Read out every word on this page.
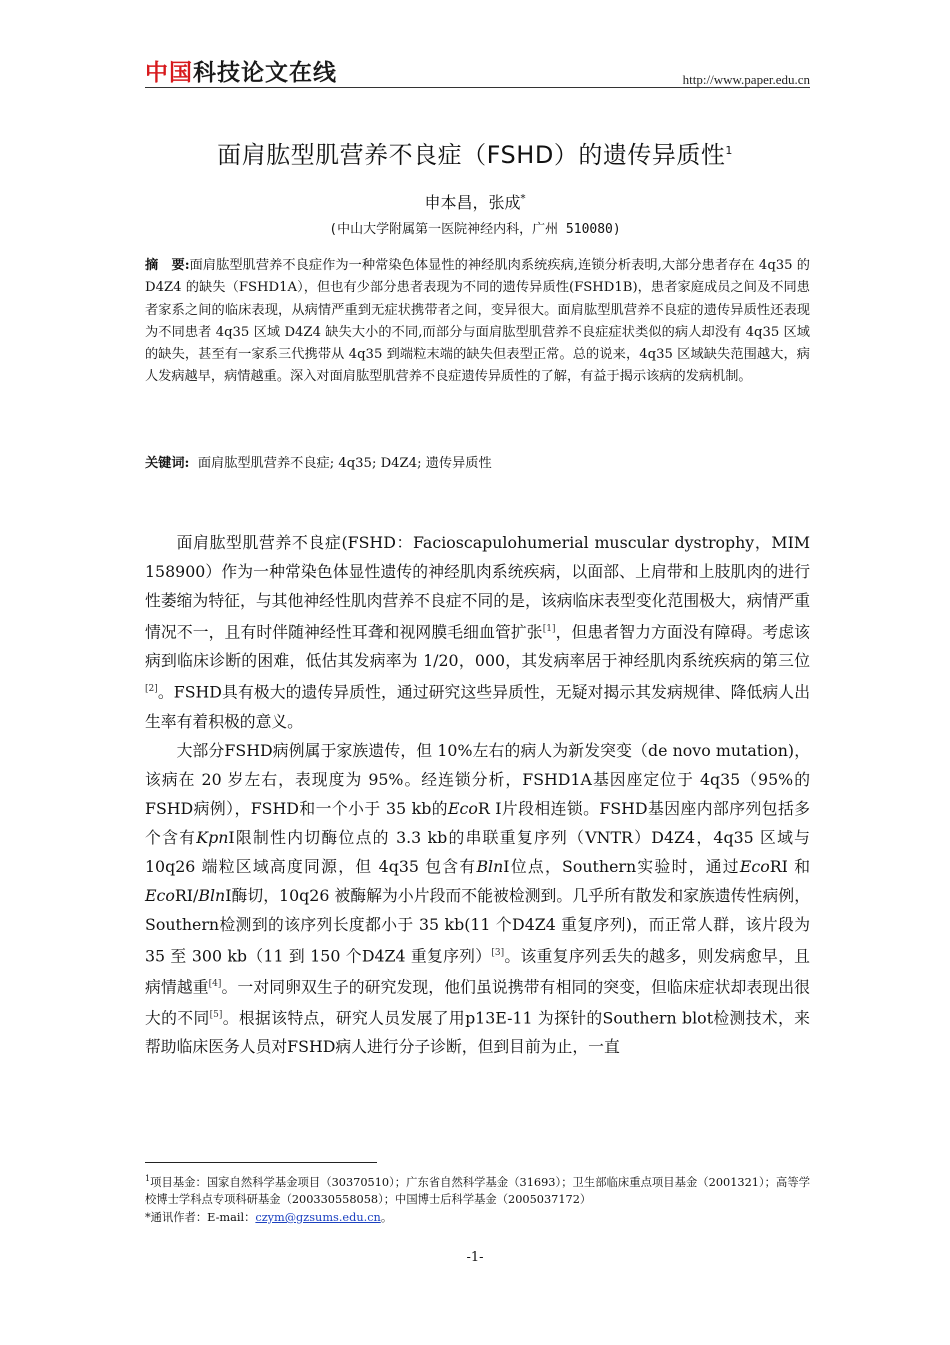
中国科技论文在线	http://www.paper.edu.cn
面肩肱型肌营养不良症（FSHD）的遗传异质性$^1$
申本昌，张成*
(中山大学附属第一医院神经内科，广州 510080)
摘　要:面肩肱型肌营养不良症作为一种常染色体显性的神经肌肉系统疾病,连锁分析表明,大部分患者存在 4q35 的 D4Z4 的缺失（FSHD1A），但也有少部分患者表现为不同的遗传异质性(FSHD1B)，患者家庭成员之间及不同患者家系之间的临床表现，从病情严重到无症状携带者之间，变异很大。面肩肱型肌营养不良症的遗传异质性还表现为不同患者 4q35 区域 D4Z4 缺失大小的不同,而部分与面肩肱型肌营养不良症症状类似的病人却没有 4q35 区域的缺失，甚至有一家系三代携带从 4q35 到端粒末端的缺失但表型正常。总的说来，4q35 区域缺失范围越大，病人发病越早，病情越重。深入对面肩肱型肌营养不良症遗传异质性的了解，有益于揭示该病的发病机制。
关键词: 面肩肱型肌营养不良症; 4q35; D4Z4; 遗传异质性

面肩肱型肌营养不良症(FSHD：Facioscapulohumerial muscular dystrophy，MIM 158900）作为一种常染色体显性遗传的神经肌肉系统疾病，以面部、上肩带和上肢肌肉的进行性萎缩为特征，与其他神经性肌肉营养不良症不同的是，该病临床表型变化范围极大，病情严重情况不一，且有时伴随神经性耳聋和视网膜毛细血管扩张[1]，但患者智力方面没有障碍。考虑该病到临床诊断的困难，低估其发病率为 1/20，000，其发病率居于神经肌肉系统疾病的第三位[2]。FSHD具有极大的遗传异质性，通过研究这些异质性，无疑对揭示其发病规律、降低病人出生率有着积极的意义。

大部分FSHD病例属于家族遗传，但 10%左右的病人为新发突变（de novo mutation)，该病在 20 岁左右，表现度为 95%。经连锁分析，FSHD1A基因座定位于 4q35（95%的FSHD病例），FSHD和一个小于 35 kb的EcoR I片段相连锁。FSHD基因座内部序列包括多个含有KpnI限制性内切酶位点的 3.3 kb的串联重复序列（VNTR）D4Z4，4q35 区域与 10q26 端粒区域高度同源，但 4q35 包含有BlnI位点，Southern实验时，通过EcoRI 和EcoRI/BlnI酶切，10q26 被酶解为小片段而不能被检测到。几乎所有散发和家族遗传性病例，Southern检测到的该序列长度都小于 35 kb(11 个D4Z4 重复序列)，而正常人群，该片段为 35 至 300 kb（11 到 150 个D4Z4 重复序列）[3]。该重复序列丢失的越多，则发病愈早，且病情越重[4]。一对同卵双生子的研究发现，他们虽说携带有相同的突变，但临床症状却表现出很大的不同[5]。根据该特点，研究人员发展了用p13E-11 为探针的Southern blot检测技术，来帮助临床医务人员对FSHD病人进行分子诊断，但到目前为止，一直

$^1$项目基金：国家自然科学基金项目（30370510）；广东省自然科学基金（31693）；卫生部临床重点项目基金（2001321）；高等学校博士学科点专项科研基金（200330558058）；中国博士后科学基金（2005037172）
*通讯作者：E-mail：czym@gzsums.edu.cn。
-1-
